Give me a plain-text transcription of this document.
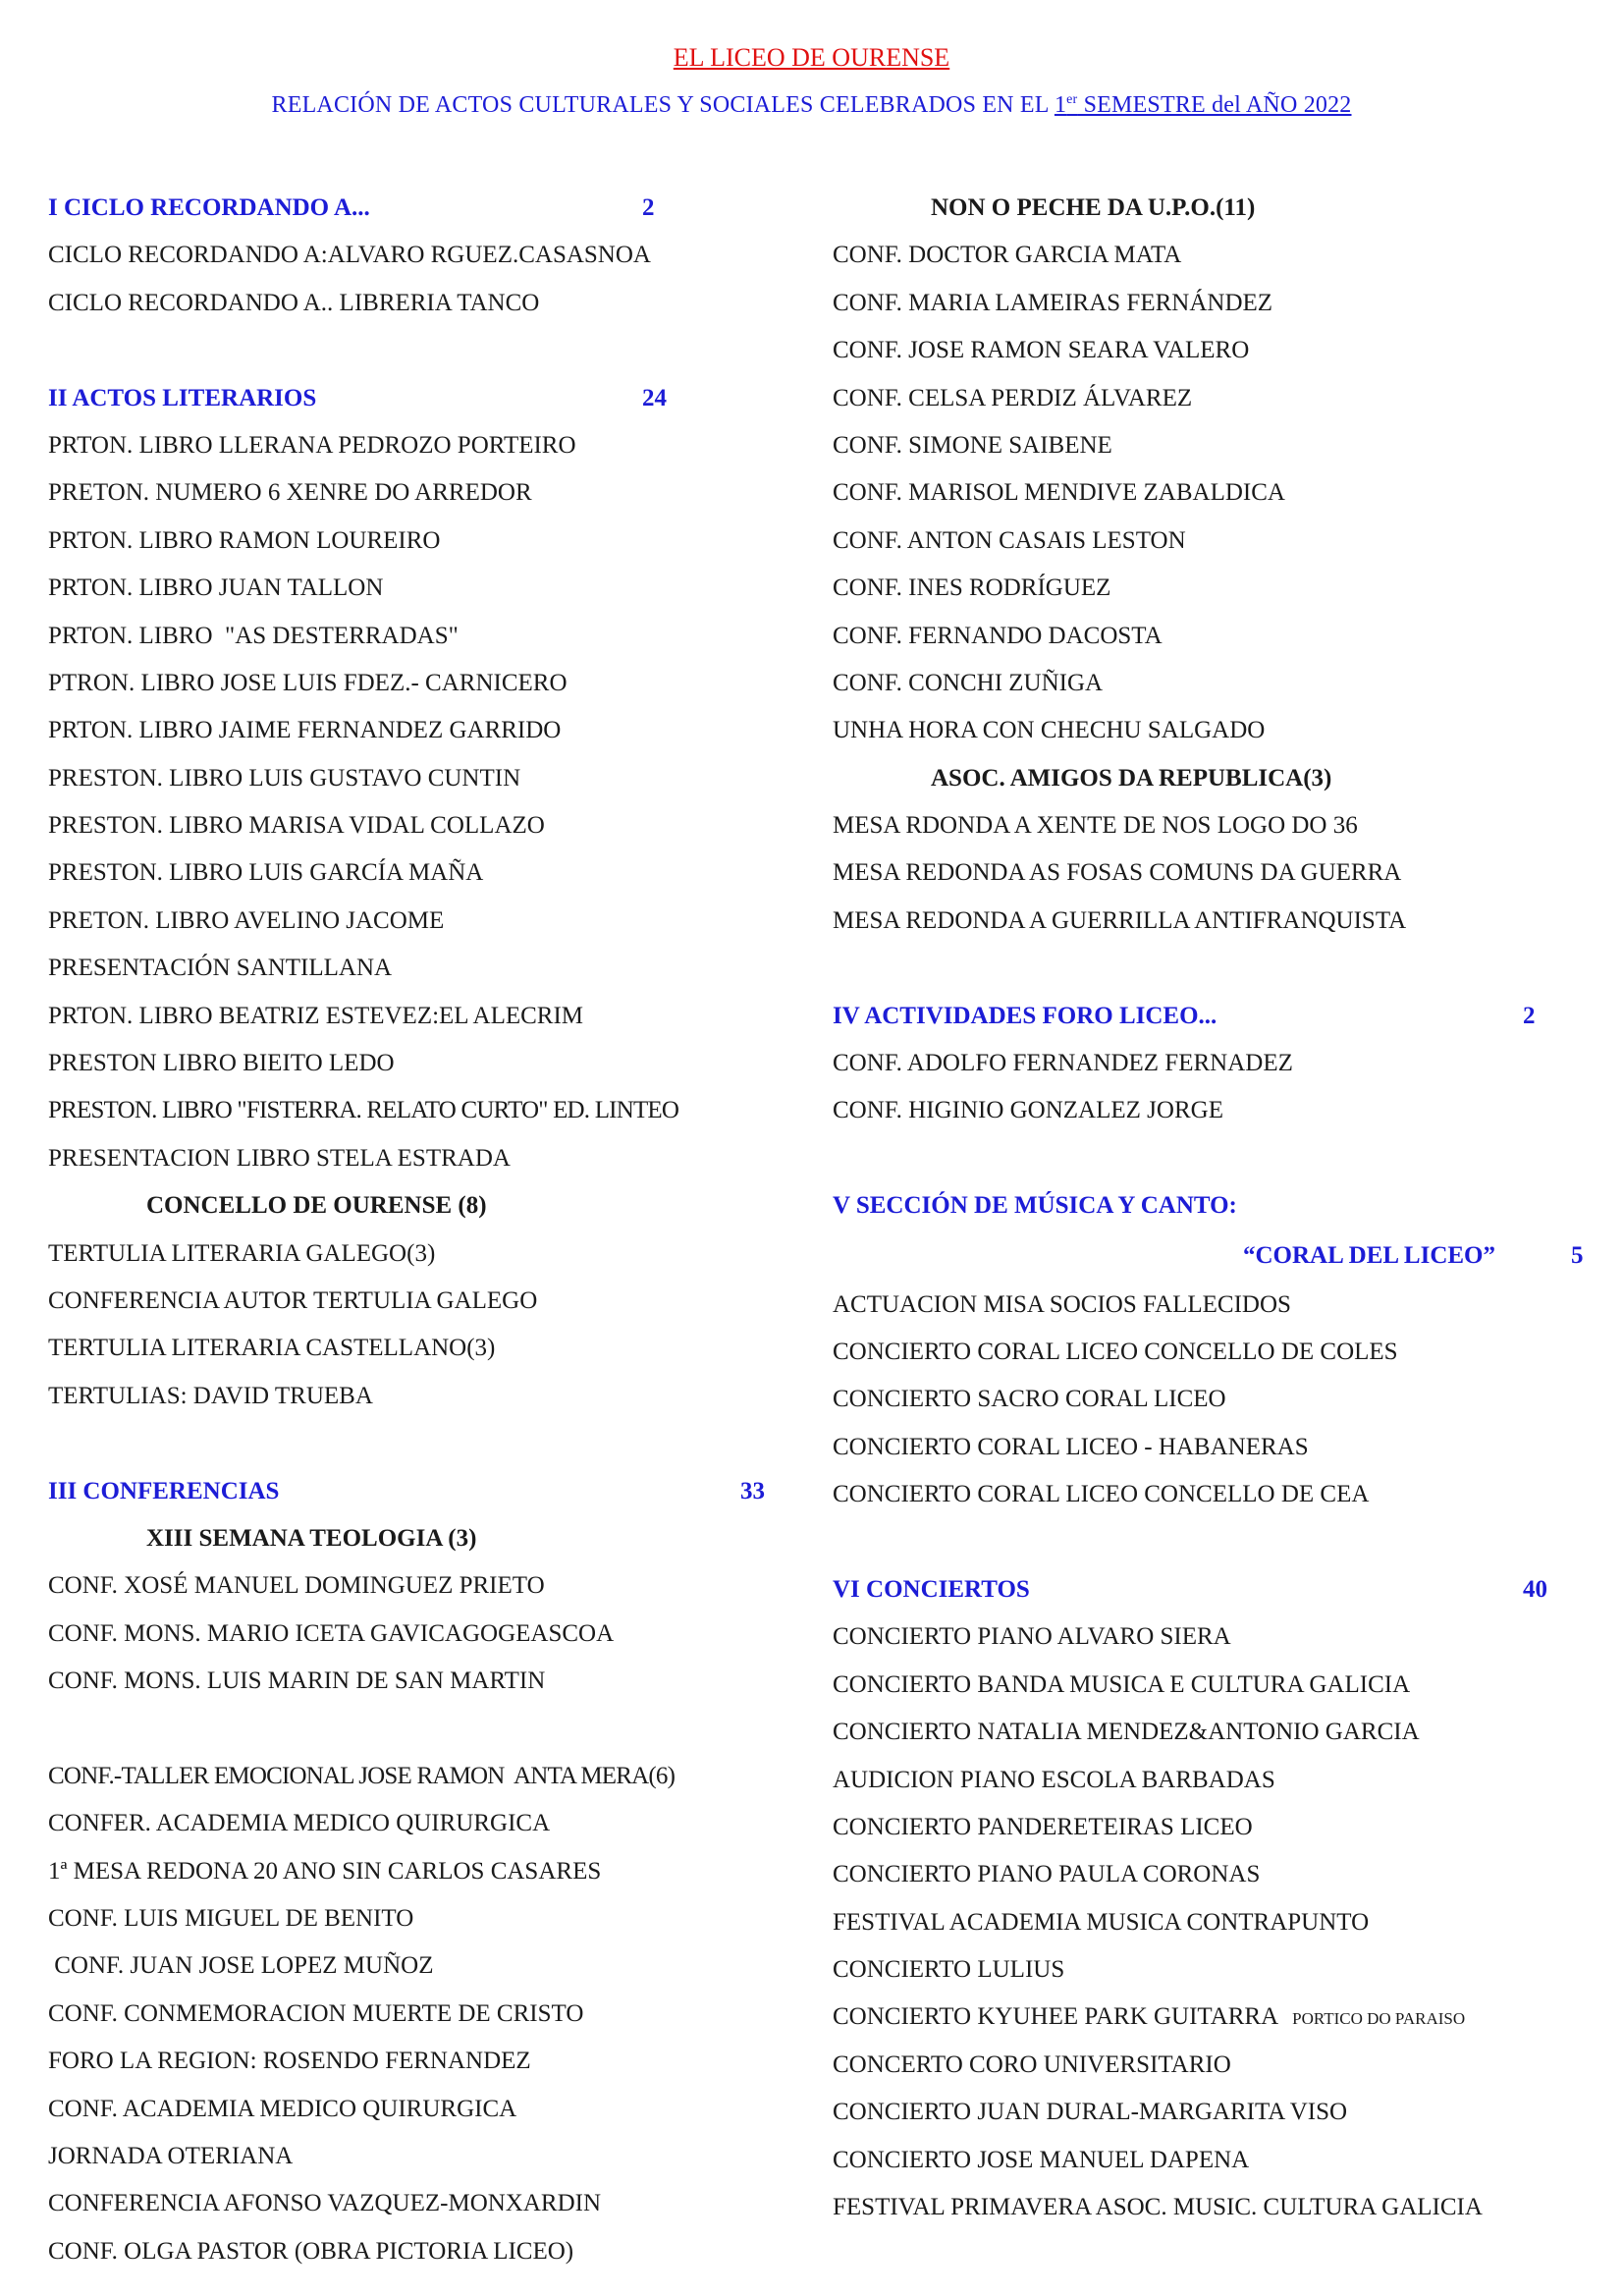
EL LICEO DE OURENSE
RELACIÓN DE ACTOS CULTURALES Y SOCIALES CELEBRADOS EN EL 1er SEMESTRE del AÑO 2022
I CICLO RECORDANDO A...	2
CICLO RECORDANDO A:ALVARO RGUEZ.CASASNOA
CICLO RECORDANDO A.. LIBRERIA TANCO
II ACTOS LITERARIOS	24
PRTON. LIBRO LLERANA PEDROZO PORTEIRO
PRETON. NUMERO 6 XENRE DO ARREDOR
PRTON. LIBRO RAMON LOUREIRO
PRTON. LIBRO JUAN TALLON
PRTON. LIBRO  "AS DESTERRADAS"
PTRON. LIBRO JOSE LUIS FDEZ.- CARNICERO
PRTON. LIBRO JAIME FERNANDEZ GARRIDO
PRESTON. LIBRO LUIS GUSTAVO CUNTIN
PRESTON. LIBRO MARISA VIDAL COLLAZO
PRESTON. LIBRO LUIS GARCÍA MAÑA
PRETON. LIBRO AVELINO JACOME
PRESENTACIÓN SANTILLANA
PRTON. LIBRO BEATRIZ ESTEVEZ:EL ALECRIM
PRESTON LIBRO BIEITO LEDO
PRESTON. LIBRO "FISTERRA. RELATO CURTO" ED. LINTEO
PRESENTACION LIBRO STELA ESTRADA
CONCELLO DE OURENSE (8)
TERTULIA LITERARIA GALEGO(3)
CONFERENCIA AUTOR TERTULIA GALEGO
TERTULIA LITERARIA CASTELLANO(3)
TERTULIAS: DAVID TRUEBA
III CONFERENCIAS	33
XIII SEMANA TEOLOGIA (3)
CONF. XOSÉ MANUEL DOMINGUEZ PRIETO
CONF. MONS. MARIO ICETA GAVICAGOGEASCOA
CONF. MONS. LUIS MARIN DE SAN MARTIN
CONF.-TALLER EMOCIONAL JOSE RAMON  ANTA MERA(6)
CONFER. ACADEMIA MEDICO QUIRURGICA
1ª MESA REDONA 20 ANO SIN CARLOS CASARES
CONF. LUIS MIGUEL DE BENITO
CONF. JUAN JOSE LOPEZ MUÑOZ
CONF. CONMEMORACION MUERTE DE CRISTO
FORO LA REGION: ROSENDO FERNANDEZ
CONF. ACADEMIA MEDICO QUIRURGICA
JORNADA OTERIANA
CONFERENCIA AFONSO VAZQUEZ-MONXARDIN
CONF. OLGA PASTOR (OBRA PICTORIA LICEO)
NON O PECHE DA U.P.O.(11)
CONF. DOCTOR GARCIA MATA
CONF. MARIA LAMEIRAS FERNÁNDEZ
CONF. JOSE RAMON SEARA VALERO
CONF. CELSA PERDIZ ÁLVAREZ
CONF. SIMONE SAIBENE
CONF. MARISOL MENDIVE ZABALDICA
CONF. ANTON CASAIS LESTON
CONF. INES RODRÍGUEZ
CONF. FERNANDO DACOSTA
CONF. CONCHI ZUÑIGA
UNHA HORA CON CHECHU SALGADO
ASOC. AMIGOS DA REPUBLICA(3)
MESA RDONDA A XENTE DE NOS LOGO DO 36
MESA REDONDA AS FOSAS COMUNS DA GUERRA
MESA REDONDA A GUERRILLA ANTIFRANQUISTA
IV ACTIVIDADES FORO LICEO...	2
CONF. ADOLFO FERNANDEZ FERNADEZ
CONF. HIGINIO GONZALEZ JORGE
V SECCIÓN DE MÚSICA Y CANTO:
“CORAL DEL LICEO”	5
ACTUACION MISA SOCIOS FALLECIDOS
CONCIERTO CORAL LICEO CONCELLO DE COLES
CONCIERTO SACRO CORAL LICEO
CONCIERTO CORAL LICEO - HABANERAS
CONCIERTO CORAL LICEO CONCELLO DE CEA
VI CONCIERTOS	40
CONCIERTO PIANO ALVARO SIERA
CONCIERTO BANDA MUSICA E CULTURA GALICIA
CONCIERTO NATALIA MENDEZ&ANTONIO GARCIA
AUDICION PIANO ESCOLA BARBADAS
CONCIERTO PANDERETEIRAS LICEO
CONCIERTO PIANO PAULA CORONAS
FESTIVAL ACADEMIA MUSICA CONTRAPUNTO
CONCIERTO LULIUS
CONCIERTO KYUHEE PARK GUITARRA PORTICO DO PARAISO
CONCERTO CORO UNIVERSITARIO
CONCIERTO JUAN DURAL-MARGARITA VISO
CONCIERTO JOSE MANUEL DAPENA
FESTIVAL PRIMAVERA ASOC. MUSIC. CULTURA GALICIA
